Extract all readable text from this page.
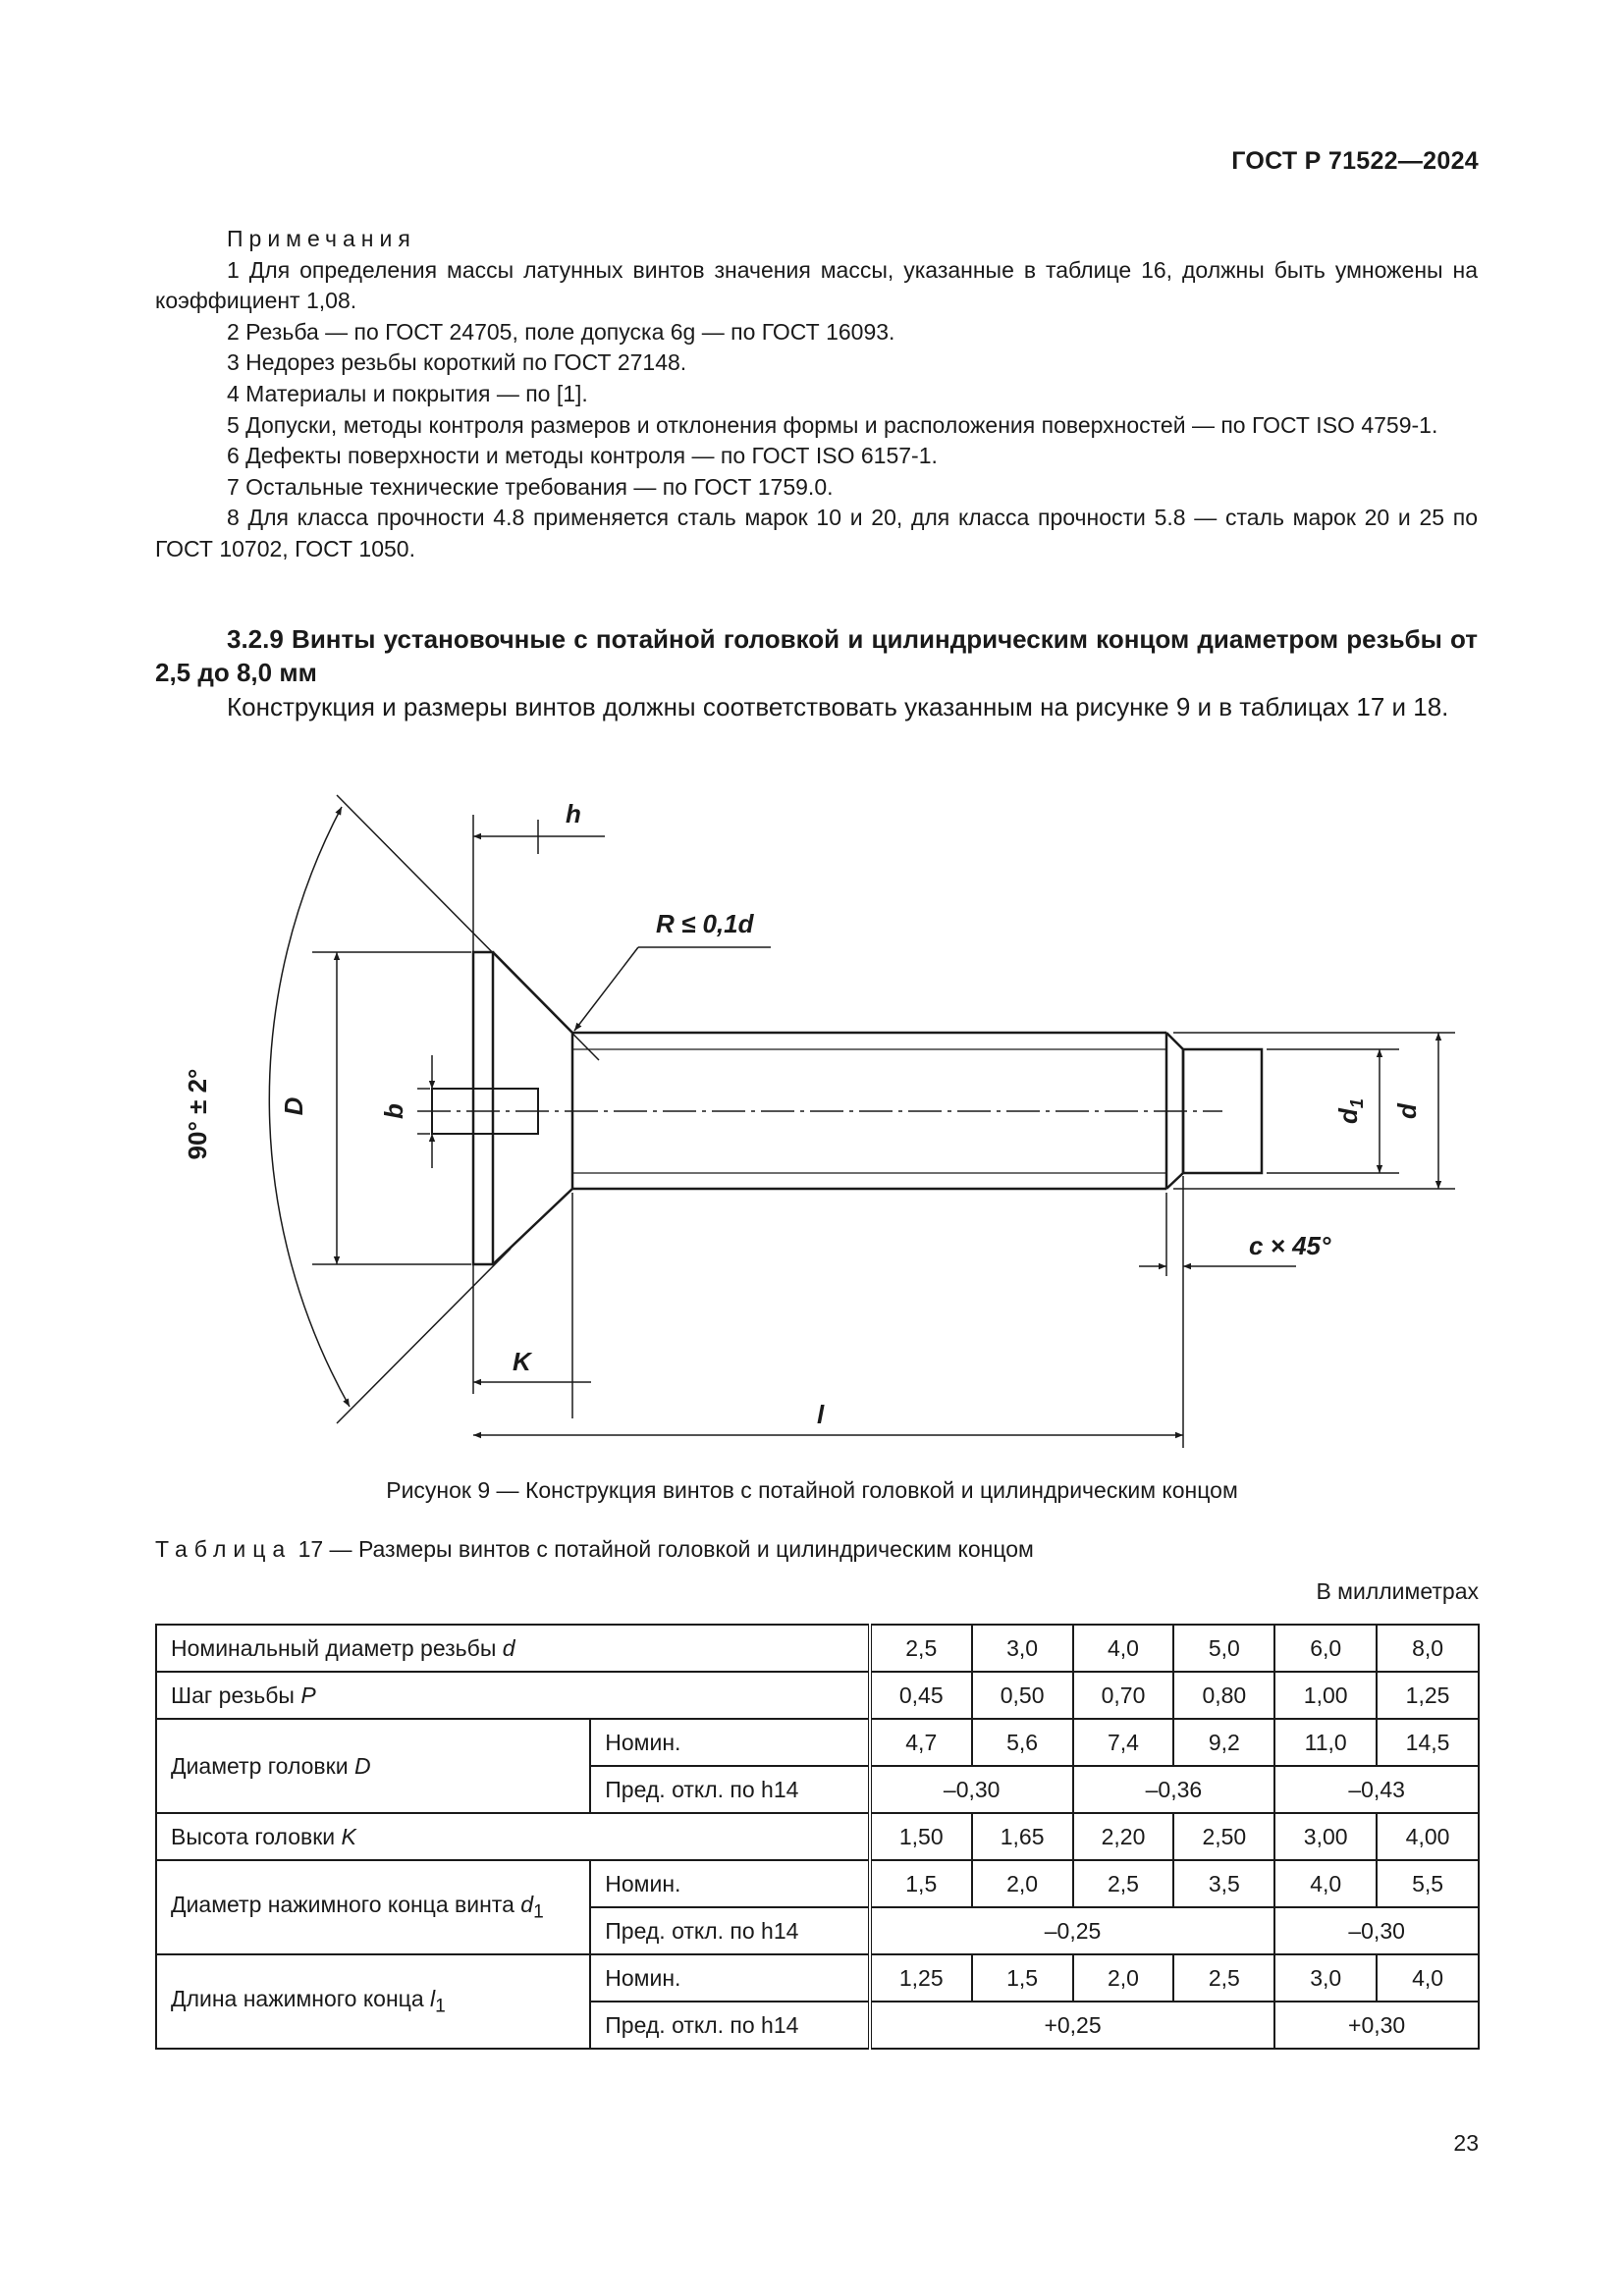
ГОСТ Р 71522—2024

Примечания

1 Для определения массы латунных винтов значения массы, указанные в таблице 16, должны быть умножены на коэффициент 1,08.

2 Резьба — по ГОСТ 24705, поле допуска 6g — по ГОСТ 16093.

3 Недорез резьбы короткий по ГОСТ 27148.

4 Материалы и покрытия — по [1].

5 Допуски, методы контроля размеров и отклонения формы и расположения поверхностей — по ГОСТ ISO 4759-1.

6 Дефекты поверхности и методы контроля — по ГОСТ ISO 6157-1.

7 Остальные технические требования — по ГОСТ 1759.0.

8 Для класса прочности 4.8 применяется сталь марок 10 и 20, для класса прочности 5.8 — сталь марок 20 и 25 по ГОСТ 10702, ГОСТ 1050.

3.2.9 Винты установочные с потайной головкой и цилиндрическим концом диаметром резьбы от 2,5 до 8,0 мм

Конструкция и размеры винтов должны соответствовать указанным на рисунке 9 и в таблицах 17 и 18.

h
R ≤ 0,1d
90° ± 2°	D	b	$d_1$ d
c × 45°
K
l
Рисунок 9 — Конструкция винтов с потайной головкой и цилиндрическим концом
Таблица 17 — Размеры винтов с потайной головкой и цилиндрическим концом
В миллиметрах
Номинальный диаметр резьбы d		2,5	3,0	4,0	5,0	6,0	8,0
Шаг резьбы P		0,45	0,50	0,70	0,80	1,00	1,25
Диаметр головки D	Номин.	4,7	5,6	7,4	9,2	11,0	14,5
	Пред. откл. по h14	–0,30		–0,36		–0,43	
Высота головки K		1,50	1,65	2,20	2,50	3,00	4,00
Диаметр нажимного конца винта $d_1$	Номин.	1,5	2,0	2,5	3,5	4,0	5,5
	Пред. откл. по h14	–0,25				–0,30	
Длина нажимного конца $l_1$	Номин.	1,25	1,5	2,0	2,5	3,0	4,0
	Пред. откл. по h14	+0,25				+0,30	
23
